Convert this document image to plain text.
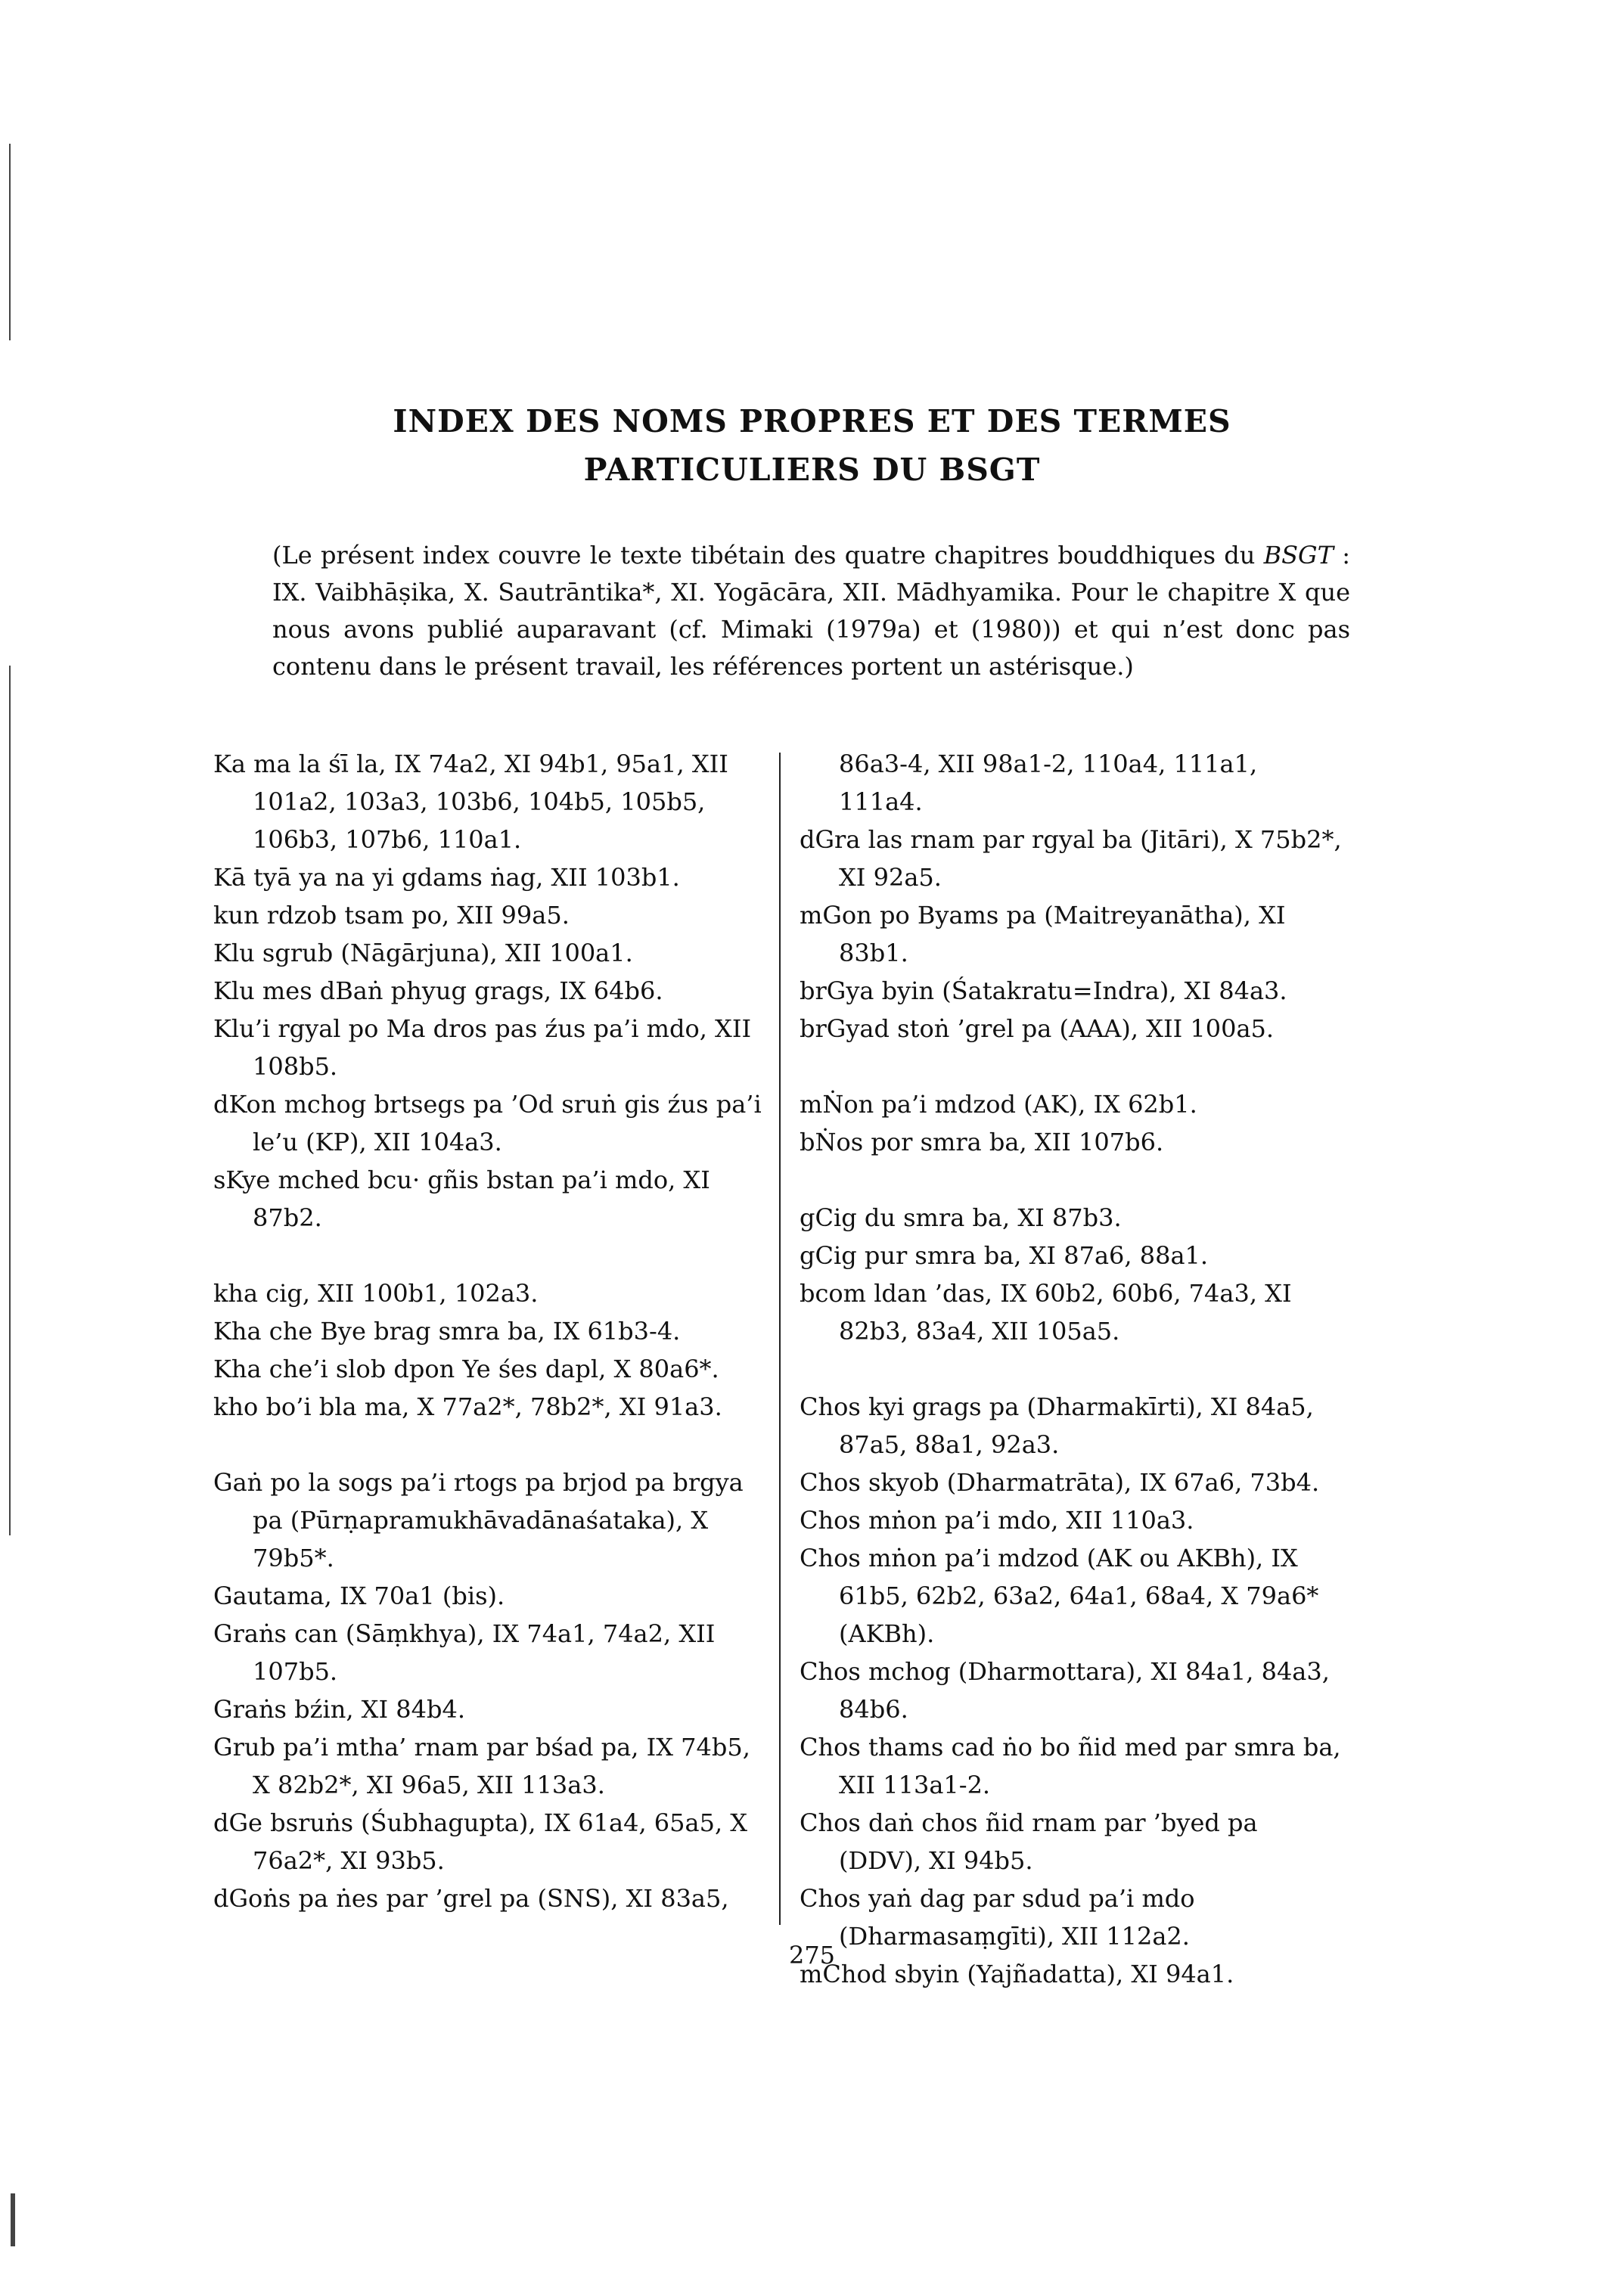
INDEX DES NOMS PROPRES ET DES TERMES
PARTICULIERS DU BSGT
(Le présent index couvre le texte tibétain des quatre chapitres bouddhiques du BSGT : IX. Vaibhāṣika, X. Sautrāntika*, XI. Yogācāra, XII. Mādhyamika. Pour le chapitre X que nous avons publié auparavant (cf. Mimaki (1979a) et (1980)) et qui n’est donc pas contenu dans le présent travail, les références portent un astérisque.)
Ka ma la śī la, IX 74a2, XI 94b1, 95a1, XII 101a2, 103a3, 103b6, 104b5, 105b5, 106b3, 107b6, 110a1.
Kā tyā ya na yi gdams ṅag, XII 103b1.
kun rdzob tsam po, XII 99a5.
Klu sgrub (Nāgārjuna), XII 100a1.
Klu mes dBaṅ phyug grags, IX 64b6.
Klu’i rgyal po Ma dros pas źus pa’i mdo, XII 108b5.
dKon mchog brtsegs pa ’Od sruṅ gis źus pa’i le’u (KP), XII 104a3.
sKye mched bcu· gñis bstan pa’i mdo, XI 87b2.
kha cig, XII 100b1, 102a3.
Kha che Bye brag smra ba, IX 61b3-4.
Kha che’i slob dpon Ye śes dapl, X 80a6*.
kho bo’i bla ma, X 77a2*, 78b2*, XI 91a3.
Gaṅ po la sogs pa’i rtogs pa brjod pa brgya pa (Pūrṇapramukhāvadānaśataka), X 79b5*.
Gautama, IX 70a1 (bis).
Graṅs can (Sāṃkhya), IX 74a1, 74a2, XII 107b5.
Graṅs bźin, XI 84b4.
Grub pa’i mtha’ rnam par bśad pa, IX 74b5, X 82b2*, XI 96a5, XII 113a3.
dGe bsruṅs (Śubhagupta), IX 61a4, 65a5, X 76a2*, XI 93b5.
dGoṅs pa ṅes par ’grel pa (SNS), XI 83a5,
86a3-4, XII 98a1-2, 110a4, 111a1, 111a4.
dGra las rnam par rgyal ba (Jitāri), X 75b2*, XI 92a5.
mGon po Byams pa (Maitreyanātha), XI 83b1.
brGya byin (Śatakratu=Indra), XI 84a3.
brGyad stoṅ ’grel pa (AAA), XII 100a5.
mṄon pa’i mdzod (AK), IX 62b1.
bṄos por smra ba, XII 107b6.
gCig du smra ba, XI 87b3.
gCig pur smra ba, XI 87a6, 88a1.
bcom ldan ’das, IX 60b2, 60b6, 74a3, XI 82b3, 83a4, XII 105a5.
Chos kyi grags pa (Dharmakīrti), XI 84a5, 87a5, 88a1, 92a3.
Chos skyob (Dharmatrāta), IX 67a6, 73b4.
Chos mṅon pa’i mdo, XII 110a3.
Chos mṅon pa’i mdzod (AK ou AKBh), IX 61b5, 62b2, 63a2, 64a1, 68a4, X 79a6* (AKBh).
Chos mchog (Dharmottara), XI 84a1, 84a3, 84b6.
Chos thams cad ṅo bo ñid med par smra ba, XII 113a1-2.
Chos daṅ chos ñid rnam par ’byed pa (DDV), XI 94b5.
Chos yaṅ dag par sdud pa’i mdo (Dharmasaṃgīti), XII 112a2.
mChod sbyin (Yajñadatta), XI 94a1.
275
